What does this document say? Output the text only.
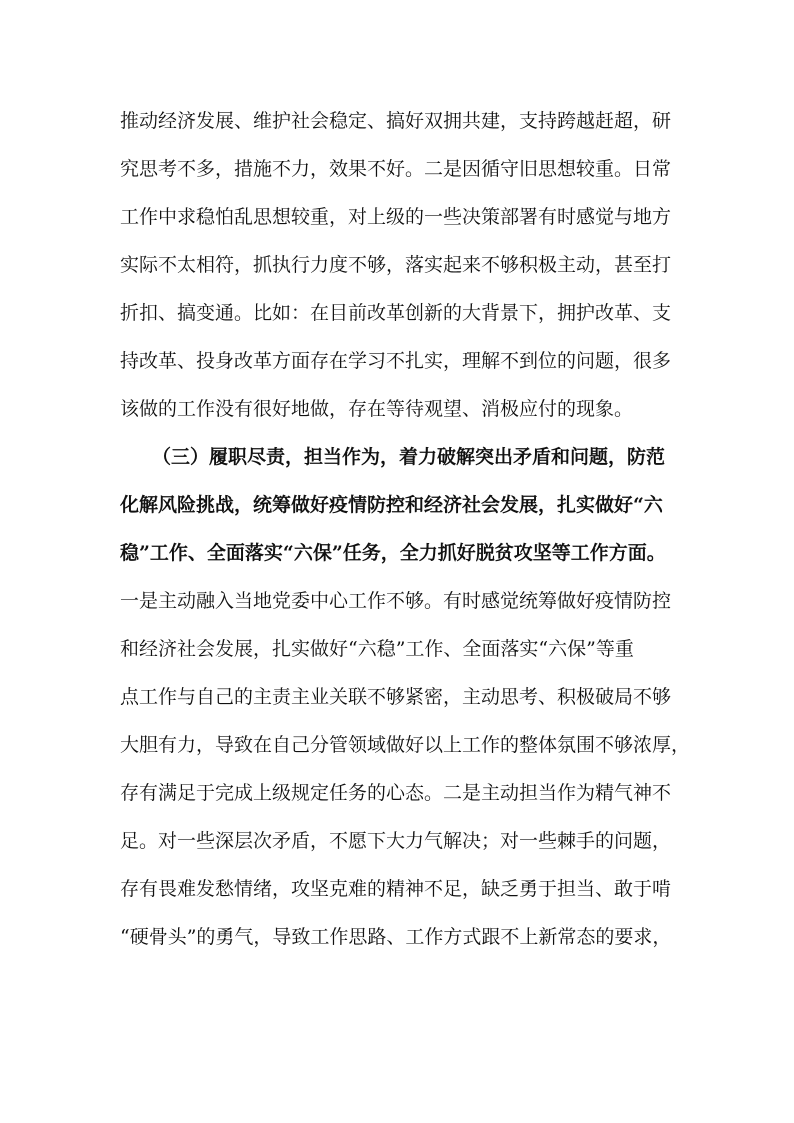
推动经济发展、维护社会稳定、搞好双拥共建，支持跨越赶超，研
究思考不多，措施不力，效果不好。二是因循守旧思想较重。日常
工作中求稳怕乱思想较重，对上级的一些决策部署有时感觉与地方
实际不太相符，抓执行力度不够，落实起来不够积极主动，甚至打
折扣、搞变通。比如：在目前改革创新的大背景下，拥护改革、支
持改革、投身改革方面存在学习不扎实，理解不到位的问题，很多
该做的工作没有很好地做，存在等待观望、消极应付的现象。
（三）履职尽责，担当作为，着力破解突出矛盾和问题，防范
化解风险挑战，统筹做好疫情防控和经济社会发展，扎实做好“六
稳”工作、全面落实“六保”任务，全力抓好脱贫攻坚等工作方面。
一是主动融入当地党委中心工作不够。有时感觉统筹做好疫情防控
和经济社会发展，扎实做好“六稳”工作、全面落实“六保”等重
点工作与自己的主责主业关联不够紧密，主动思考、积极破局不够
大胆有力，导致在自己分管领域做好以上工作的整体氛围不够浓厚，
存有满足于完成上级规定任务的心态。二是主动担当作为精气神不
足。对一些深层次矛盾，不愿下大力气解决；对一些棘手的问题，
存有畏难发愁情绪，攻坚克难的精神不足，缺乏勇于担当、敢于啃
“硬骨头”的勇气，导致工作思路、工作方式跟不上新常态的要求，
